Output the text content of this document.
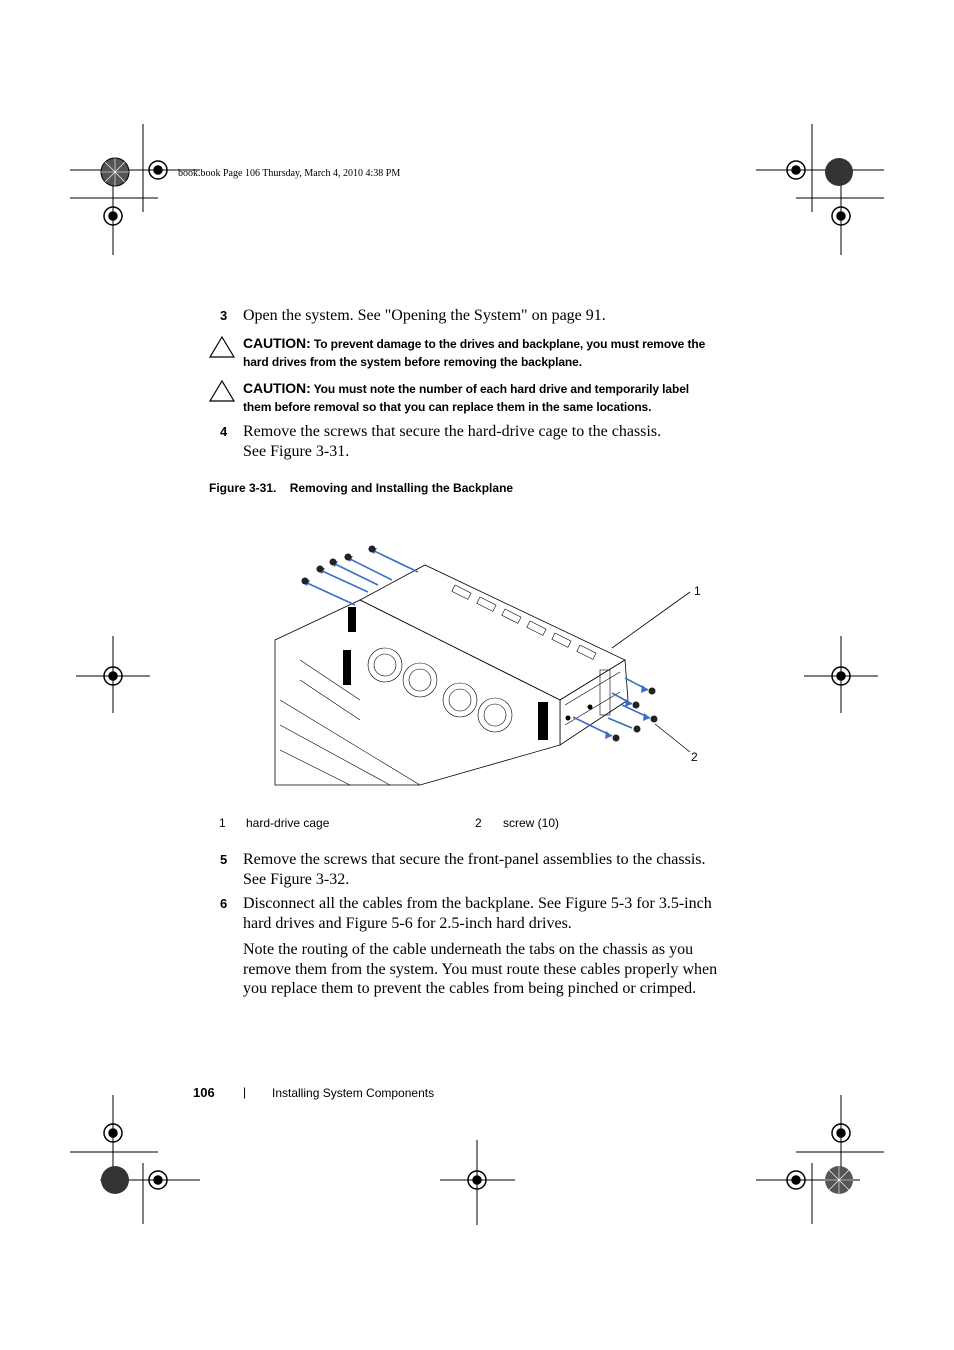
book.book Page 106 Thursday, March 4, 2010 4:38 PM
3 Open the system. See "Opening the System" on page 91.
CAUTION: To prevent damage to the drives and backplane, you must remove the
hard drives from the system before removing the backplane.
CAUTION: You must note the number of each hard drive and temporarily label
them before removal so that you can replace them in the same locations.
4 Remove the screws that secure the hard-drive cage to the chassis.
See Figure 3-31.
Figure 3-31.    Removing and Installing the Backplane
1
2
1 hard-drive cage	2 screw (10)
5 Remove the screws that secure the front-panel assemblies to the chassis.
See Figure 3-32.
6 Disconnect all the cables from the backplane. See Figure 5-3 for 3.5-inch
hard drives and Figure 5-6 for 2.5-inch hard drives.
Note the routing of the cable underneath the tabs on the chassis as you
remove them from the system. You must route these cables properly when
you replace them to prevent the cables from being pinched or crimped.
106 | Installing System Components
